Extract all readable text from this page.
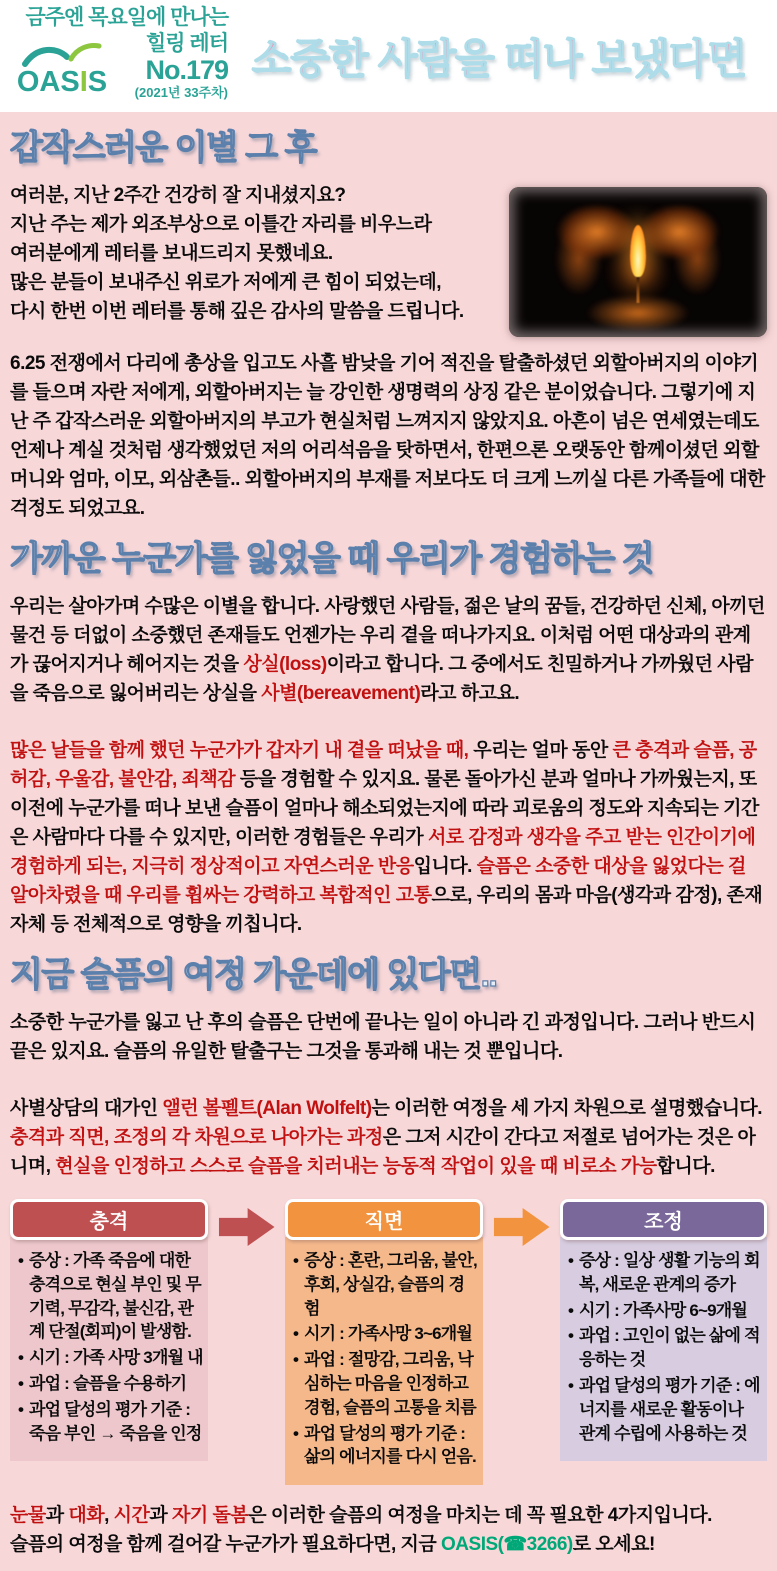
금주엔 목요일에 만나는
힐링 레터
No.179
(2021년 33주차)
OASIS	소중한 사람을 떠나 보냈다면
갑작스러운 이별 그 후

여러분, 지난 2주간 건강히 잘 지내셨지요?
지난 주는 제가 외조부상으로 이틀간 자리를 비우느라
여러분에게 레터를 보내드리지 못했네요.
많은 분들이 보내주신 위로가 저에게 큰 힘이 되었는데,
다시 한번 이번 레터를 통해 깊은 감사의 말씀을 드립니다.

6.25 전쟁에서 다리에 총상을 입고도 사흘 밤낮을 기어 적진을 탈출하셨던 외할아버지의 이야기를 들으며 자란 저에게, 외할아버지는 늘 강인한 생명력의 상징 같은 분이었습니다. 그렇기에 지난 주 갑작스러운 외할아버지의 부고가 현실처럼 느껴지지 않았지요. 아흔이 넘은 연세였는데도 언제나 계실 것처럼 생각했었던 저의 어리석음을 탓하면서, 한편으론 오랫동안 함께이셨던 외할머니와 엄마, 이모, 외삼촌들.. 외할아버지의 부재를 저보다도 더 크게 느끼실 다른 가족들에 대한 걱정도 되었고요.

가까운 누군가를 잃었을 때 우리가 경험하는 것

우리는 살아가며 수많은 이별을 합니다. 사랑했던 사람들, 젊은 날의 꿈들, 건강하던 신체, 아끼던 물건 등 더없이 소중했던 존재들도 언젠가는 우리 곁을 떠나가지요. 이처럼 어떤 대상과의 관계가 끊어지거나 헤어지는 것을 상실(loss)이라고 합니다. 그 중에서도 친밀하거나 가까웠던 사람을 죽음으로 잃어버리는 상실을 사별(bereavement)라고 하고요.

많은 날들을 함께 했던 누군가가 갑자기 내 곁을 떠났을 때, 우리는 얼마 동안 큰 충격과 슬픔, 공허감, 우울감, 불안감, 죄책감 등을 경험할 수 있지요. 물론 돌아가신 분과 얼마나 가까웠는지, 또 이전에 누군가를 떠나 보낸 슬픔이 얼마나 해소되었는지에 따라 괴로움의 정도와 지속되는 기간은 사람마다 다를 수 있지만, 이러한 경험들은 우리가 서로 감정과 생각을 주고 받는 인간이기에 경험하게 되는, 지극히 정상적이고 자연스러운 반응입니다. 슬픔은 소중한 대상을 잃었다는 걸 알아차렸을 때 우리를 휩싸는 강력하고 복합적인 고통으로, 우리의 몸과 마음(생각과 감정), 존재 자체 등 전체적으로 영향을 끼칩니다.

지금 슬픔의 여정 가운데에 있다면..

소중한 누군가를 잃고 난 후의 슬픔은 단번에 끝나는 일이 아니라 긴 과정입니다. 그러나 반드시 끝은 있지요. 슬픔의 유일한 탈출구는 그것을 통과해 내는 것 뿐입니다.

사별상담의 대가인 앨런 볼펠트(Alan Wolfelt)는 이러한 여정을 세 가지 차원으로 설명했습니다. 충격과 직면, 조정의 각 차원으로 나아가는 과정은 그저 시간이 간다고 저절로 넘어가는 것은 아니며, 현실을 인정하고 스스로 슬픔을 치러내는 능동적 작업이 있을 때 비로소 가능합니다.

충격
• 증상 : 가족 죽음에 대한 충격으로 현실 부인 및 무기력, 무감각, 불신감, 관계 단절(회피)이 발생함.
• 시기 : 가족 사망 3개월 내
• 과업 : 슬픔을 수용하기
• 과업 달성의 평가 기준 : 죽음 부인 → 죽음을 인정
직면
• 증상 : 혼란, 그리움, 불안, 후회, 상실감, 슬픔의 경험
• 시기 : 가족사망 3~6개월
• 과업 : 절망감, 그리움, 낙심하는 마음을 인정하고 경험, 슬픔의 고통을 치름
• 과업 달성의 평가 기준 : 삶의 에너지를 다시 얻음.
조정
• 증상 : 일상 생활 기능의 회복, 새로운 관계의 증가
• 시기 : 가족사망 6~9개월
• 과업 : 고인이 없는 삶에 적응하는 것
• 과업 달성의 평가 기준 : 에너지를 새로운 활동이나 관계 수립에 사용하는 것

눈물과 대화, 시간과 자기 돌봄은 이러한 슬픔의 여정을 마치는 데 꼭 필요한 4가지입니다.
슬픔의 여정을 함께 걸어갈 누군가가 필요하다면, 지금 OASIS(☎3266)로 오세요!
